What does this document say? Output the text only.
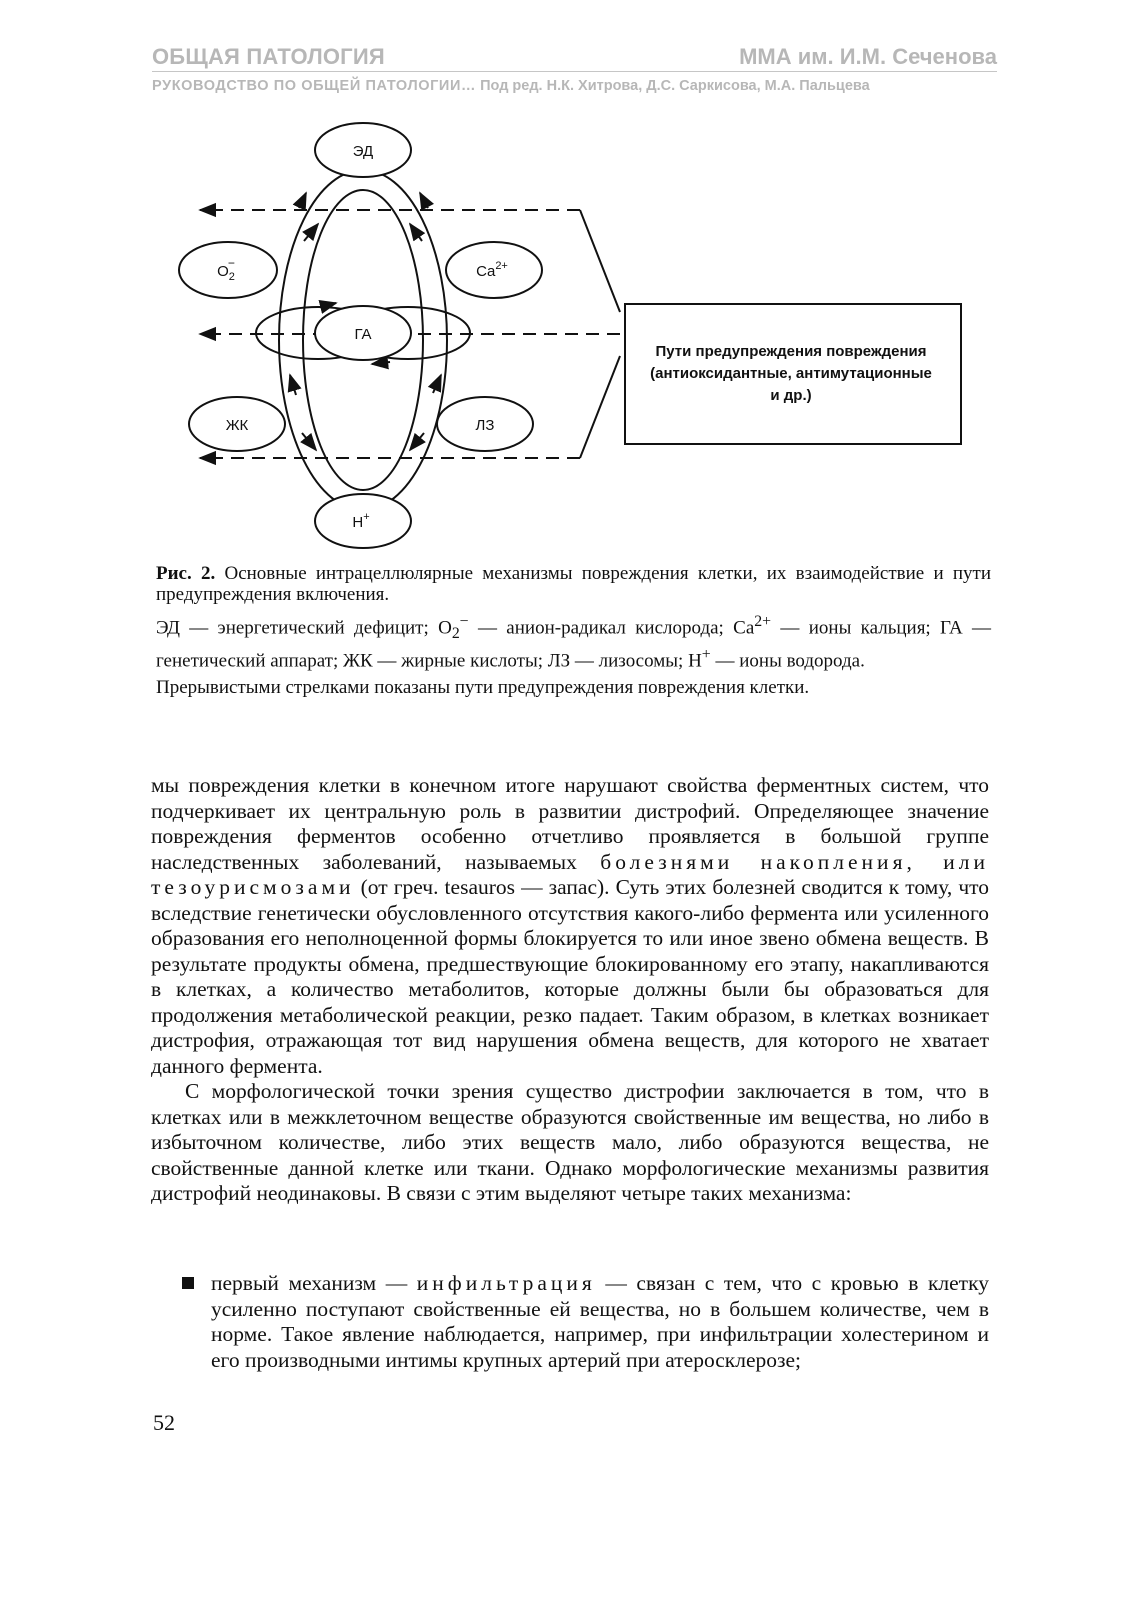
ОБЩАЯ ПАТОЛОГИЯ	ММА им. И.М. Сеченова
РУКОВОДСТВО ПО ОБЩЕЙ ПАТОЛОГИИ… Под ред. Н.К. Хитрова, Д.С. Саркисова, М.А. Пальцева
ЭД
$O_2-$	$Ca^{2+}$
ГА
ЖК	ЛЗ
H+
Пути предупреждения повреждения
(антиоксидантные, антимутационные
и др.)

Рис. 2. Основные интрацеллюлярные механизмы повреждения клетки, их взаимодействие и пути предупреждения включения.

ЭД — энергетический дефицит; $O_2^-$ — анион-радикал кислорода; $Ca^{2+}$ — ионы кальция; ГА — генетический аппарат; ЖК — жирные кислоты; ЛЗ — лизосомы; H+ — ионы водорода.

Прерывистыми стрелками показаны пути предупреждения повреждения клетки.

мы повреждения клетки в конечном итоге нарушают свойства ферментных систем, что подчеркивает их центральную роль в развитии дистрофий. Определяющее значение повреждения ферментов особенно отчетливо проявляется в большой группе наследственных заболеваний, называемых болезнями накопления, или тезоурисмозами (от греч. tesauros — запас). Суть этих болезней сводится к тому, что вследствие генетически обусловленного отсутствия какого-либо фермента или усиленного образования его неполноценной формы блокируется то или иное звено обмена веществ. В результате продукты обмена, предшествующие блокированному его этапу, накапливаются в клетках, а количество метаболитов, которые должны были бы образоваться для продолжения метаболической реакции, резко падает. Таким образом, в клетках возникает дистрофия, отражающая тот вид нарушения обмена веществ, для которого не хватает данного фермента.

С морфологической точки зрения существо дистрофии заключается в том, что в клетках или в межклеточном веществе образуются свойственные им вещества, но либо в избыточном количестве, либо этих веществ мало, либо образуются вещества, не свойственные данной клетке или ткани. Однако морфологические механизмы развития дистрофий неодинаковы. В связи с этим выделяют четыре таких механизма:

первый механизм — инфильтрация — связан с тем, что с кровью в клетку усиленно поступают свойственные ей вещества, но в большем количестве, чем в норме. Такое явление наблюдается, например, при инфильтрации холестерином и его производными интимы крупных артерий при атеросклерозе;
52
